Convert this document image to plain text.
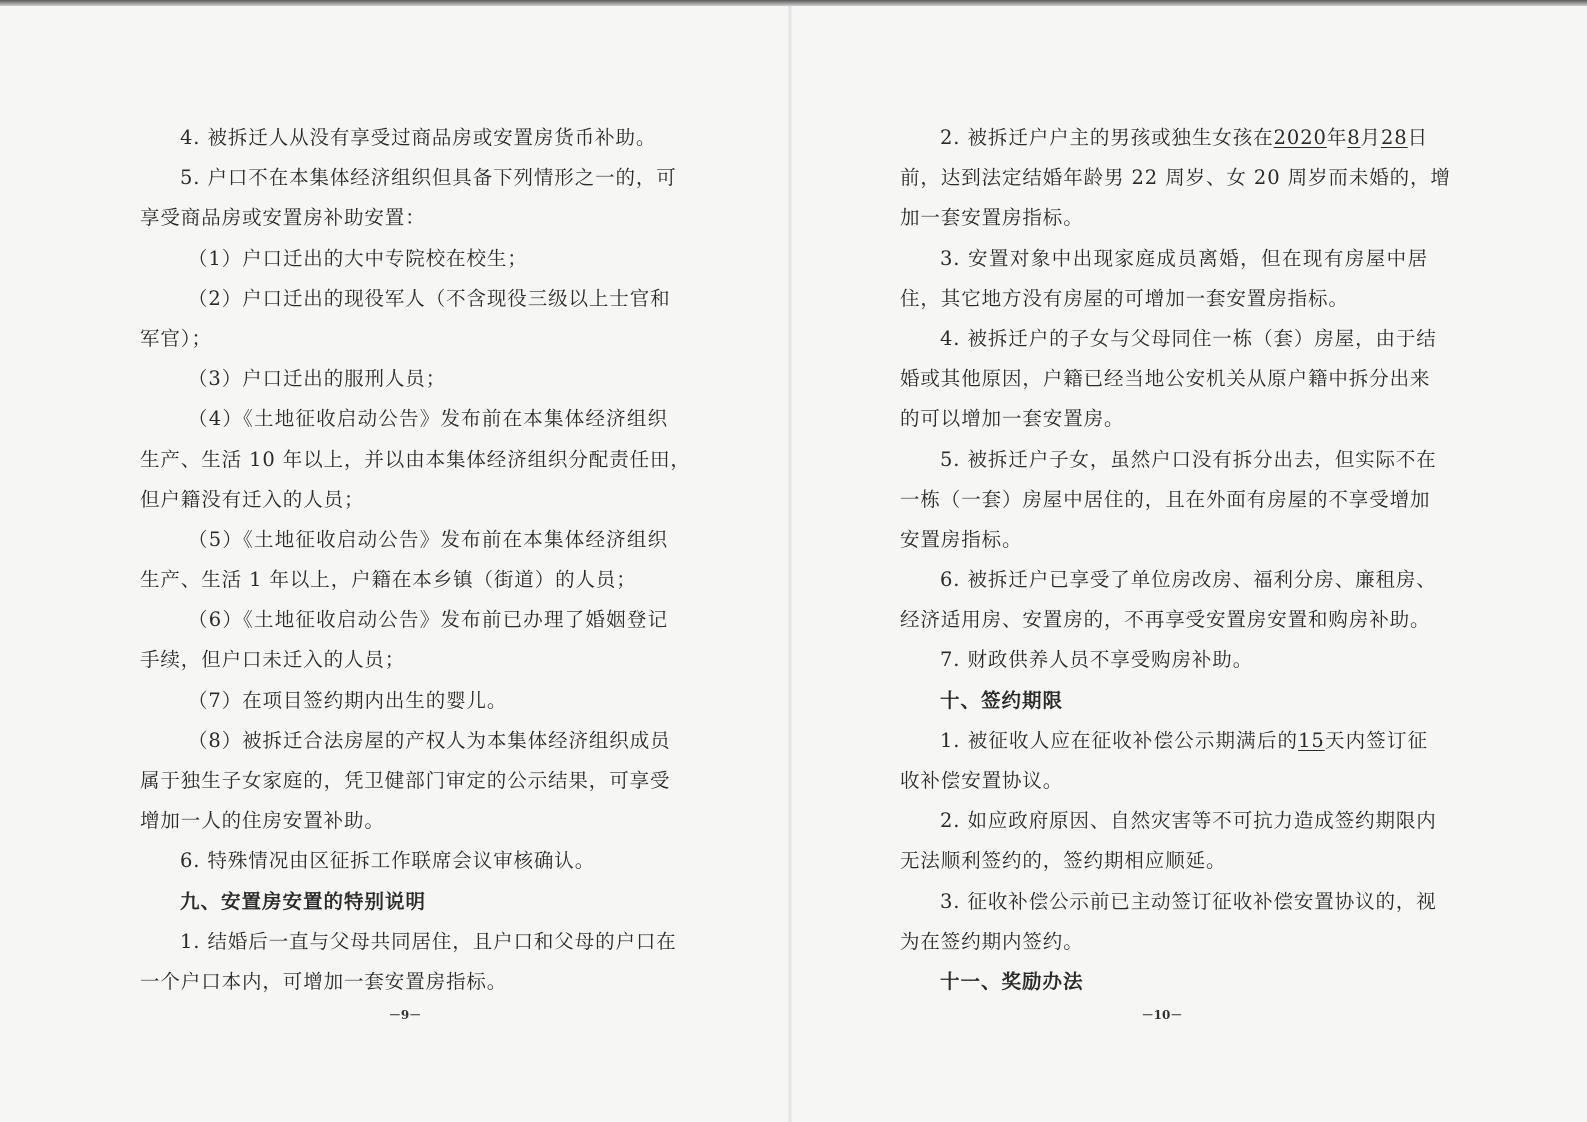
4. 被拆迁人从没有享受过商品房或安置房货币补助。
5. 户口不在本集体经济组织但具备下列情形之一的，可
享受商品房或安置房补助安置：
（1）户口迁出的大中专院校在校生；
（2）户口迁出的现役军人（不含现役三级以上士官和
军官）；
（3）户口迁出的服刑人员；
（4）《土地征收启动公告》发布前在本集体经济组织
生产、生活 10 年以上，并以由本集体经济组织分配责任田，
但户籍没有迁入的人员；
（5）《土地征收启动公告》发布前在本集体经济组织
生产、生活 1 年以上，户籍在本乡镇（街道）的人员；
（6）《土地征收启动公告》发布前已办理了婚姻登记
手续，但户口未迁入的人员；
（7）在项目签约期内出生的婴儿。
（8）被拆迁合法房屋的产权人为本集体经济组织成员
属于独生子女家庭的，凭卫健部门审定的公示结果，可享受
增加一人的住房安置补助。
6. 特殊情况由区征拆工作联席会议审核确认。
九、安置房安置的特别说明
1. 结婚后一直与父母共同居住，且户口和父母的户口在
一个户口本内，可增加一套安置房指标。
－9－
2. 被拆迁户户主的男孩或独生女孩在2020年8月28日
前，达到法定结婚年龄男 22 周岁、女 20 周岁而未婚的，增
加一套安置房指标。
3. 安置对象中出现家庭成员离婚，但在现有房屋中居
住，其它地方没有房屋的可增加一套安置房指标。
4. 被拆迁户的子女与父母同住一栋（套）房屋，由于结
婚或其他原因，户籍已经当地公安机关从原户籍中拆分出来
的可以增加一套安置房。
5. 被拆迁户子女，虽然户口没有拆分出去，但实际不在
一栋（一套）房屋中居住的，且在外面有房屋的不享受增加
安置房指标。
6. 被拆迁户已享受了单位房改房、福利分房、廉租房、
经济适用房、安置房的，不再享受安置房安置和购房补助。
7. 财政供养人员不享受购房补助。
十、签约期限
1. 被征收人应在征收补偿公示期满后的15天内签订征
收补偿安置协议。
2. 如应政府原因、自然灾害等不可抗力造成签约期限内
无法顺利签约的，签约期相应顺延。
3. 征收补偿公示前已主动签订征收补偿安置协议的，视
为在签约期内签约。
十一、奖励办法
－10－
